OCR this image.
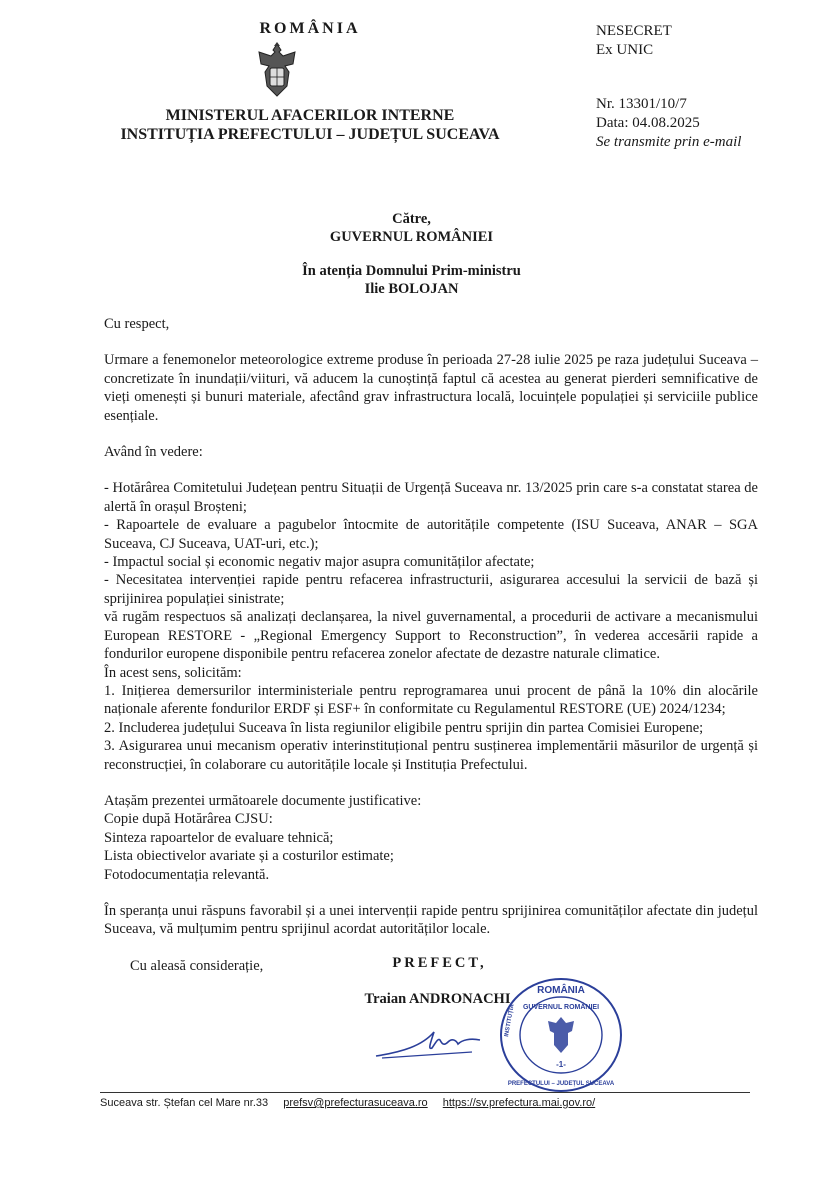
ROMÂNIA
MINISTERUL AFACERILOR INTERNE
INSTITUȚIA PREFECTULUI – JUDEȚUL SUCEAVA
NESECRET
Ex UNIC
Nr. 13301/10/7
Data: 04.08.2025
Se transmite prin e-mail
Către,
GUVERNUL ROMÂNIEI
În atenția Domnului Prim-ministru
Ilie BOLOJAN

Cu respect,

Urmare a fenemonelor meteorologice extreme produse în perioada 27-28 iulie 2025 pe raza județului Suceava – concretizate în inundații/viituri, vă aducem la cunoștință faptul că acestea au generat pierderi semnificative de vieți omenești și bunuri materiale, afectând grav infrastructura locală, locuințele populației și serviciile publice esențiale.

Având în vedere:

- Hotărârea Comitetului Județean pentru Situații de Urgență Suceava nr. 13/2025 prin care s-a constatat starea de alertă în orașul Broșteni;

- Rapoartele de evaluare a pagubelor întocmite de autoritățile competente (ISU Suceava, ANAR – SGA Suceava, CJ Suceava, UAT-uri, etc.);

- Impactul social și economic negativ major asupra comunităților afectate;

- Necesitatea intervenției rapide pentru refacerea infrastructurii, asigurarea accesului la servicii de bază și sprijinirea populației sinistrate;

vă rugăm respectuos să analizați declanșarea, la nivel guvernamental, a procedurii de activare a mecanismului European RESTORE - „Regional Emergency Support to Reconstruction”, în vederea accesării rapide a fondurilor europene disponibile pentru refacerea zonelor afectate de dezastre naturale climatice.

În acest sens, solicităm:

1. Inițierea demersurilor interministeriale pentru reprogramarea unui procent de până la 10% din alocările naționale aferente fondurilor ERDF și ESF+ în conformitate cu Regulamentul RESTORE (UE) 2024/1234;

2. Includerea județului Suceava în lista regiunilor eligibile pentru sprijin din partea Comisiei Europene;

3. Asigurarea unui mecanism operativ interinstituțional pentru susținerea implementării măsurilor de urgență și reconstrucției, în colaborare cu autoritățile locale și Instituția Prefectului.

Atașăm prezentei următoarele documente justificative:

Copie după Hotărârea CJSU:

Sinteza rapoartelor de evaluare tehnică;

Lista obiectivelor avariate și a costurilor estimate;

Fotodocumentația relevantă.

În speranța unui răspuns favorabil și a unei intervenții rapide pentru sprijinirea comunităților afectate din județul Suceava, vă mulțumim pentru sprijinul acordat autorităților locale.

Cu aleasă considerație,	PREFECT,
Traian ANDRONACHI
ROMÂNIA
GUVERNUL ROMÂNIEI
PREFECTULUI – JUDEȚUL SUCEAVA
INSTITUȚIA
-1-
Suceava str. Ștefan cel Mare nr.33 prefsv@prefecturasuceava.ro https://sv.prefectura.mai.gov.ro/
